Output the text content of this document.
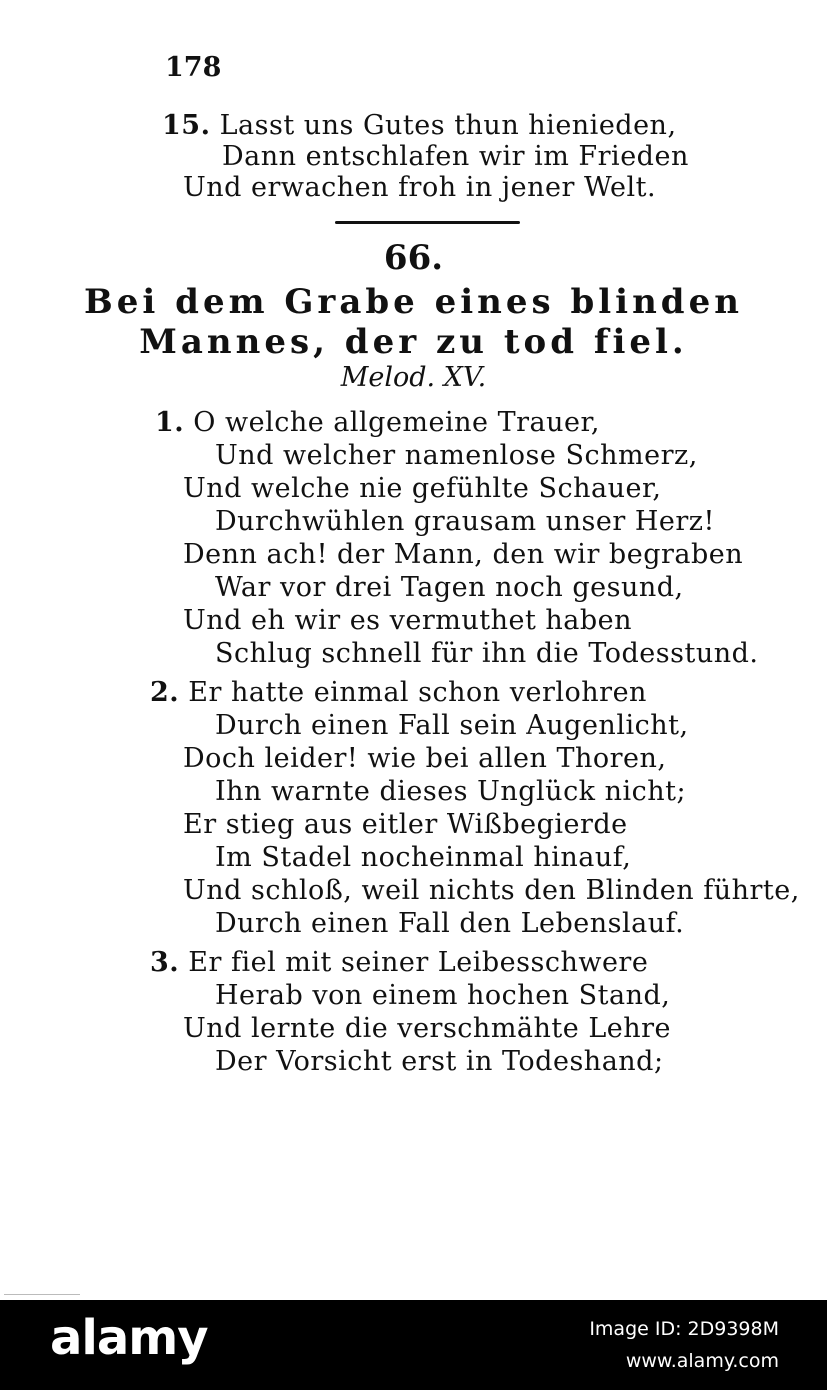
178
15. Lasst uns Gutes thun hienieden,
Dann entschlafen wir im Frieden
Und erwachen froh in jener Welt.
66.
Bei dem Grabe eines blinden
Mannes, der zu tod fiel.
Melod. XV.
1. O welche allgemeine Trauer,
Und welcher namenlose Schmerz,
Und welche nie gefühlte Schauer,
Durchwühlen grausam unser Herz!
Denn ach! der Mann, den wir begraben
War vor drei Tagen noch gesund,
Und eh wir es vermuthet haben
Schlug schnell für ihn die Todesstund.
2. Er hatte einmal schon verlohren
Durch einen Fall sein Augenlicht,
Doch leider! wie bei allen Thoren,
Ihn warnte dieses Unglück nicht;
Er stieg aus eitler Wißbegierde
Im Stadel nocheinmal hinauf,
Und schloß, weil nichts den Blinden führte,
Durch einen Fall den Lebenslauf.
3. Er fiel mit seiner Leibesschwere
Herab von einem hochen Stand,
Und lernte die verschmähte Lehre
Der Vorsicht erst in Todeshand;
alamy	Image ID: 2D9398M
www.alamy.com
